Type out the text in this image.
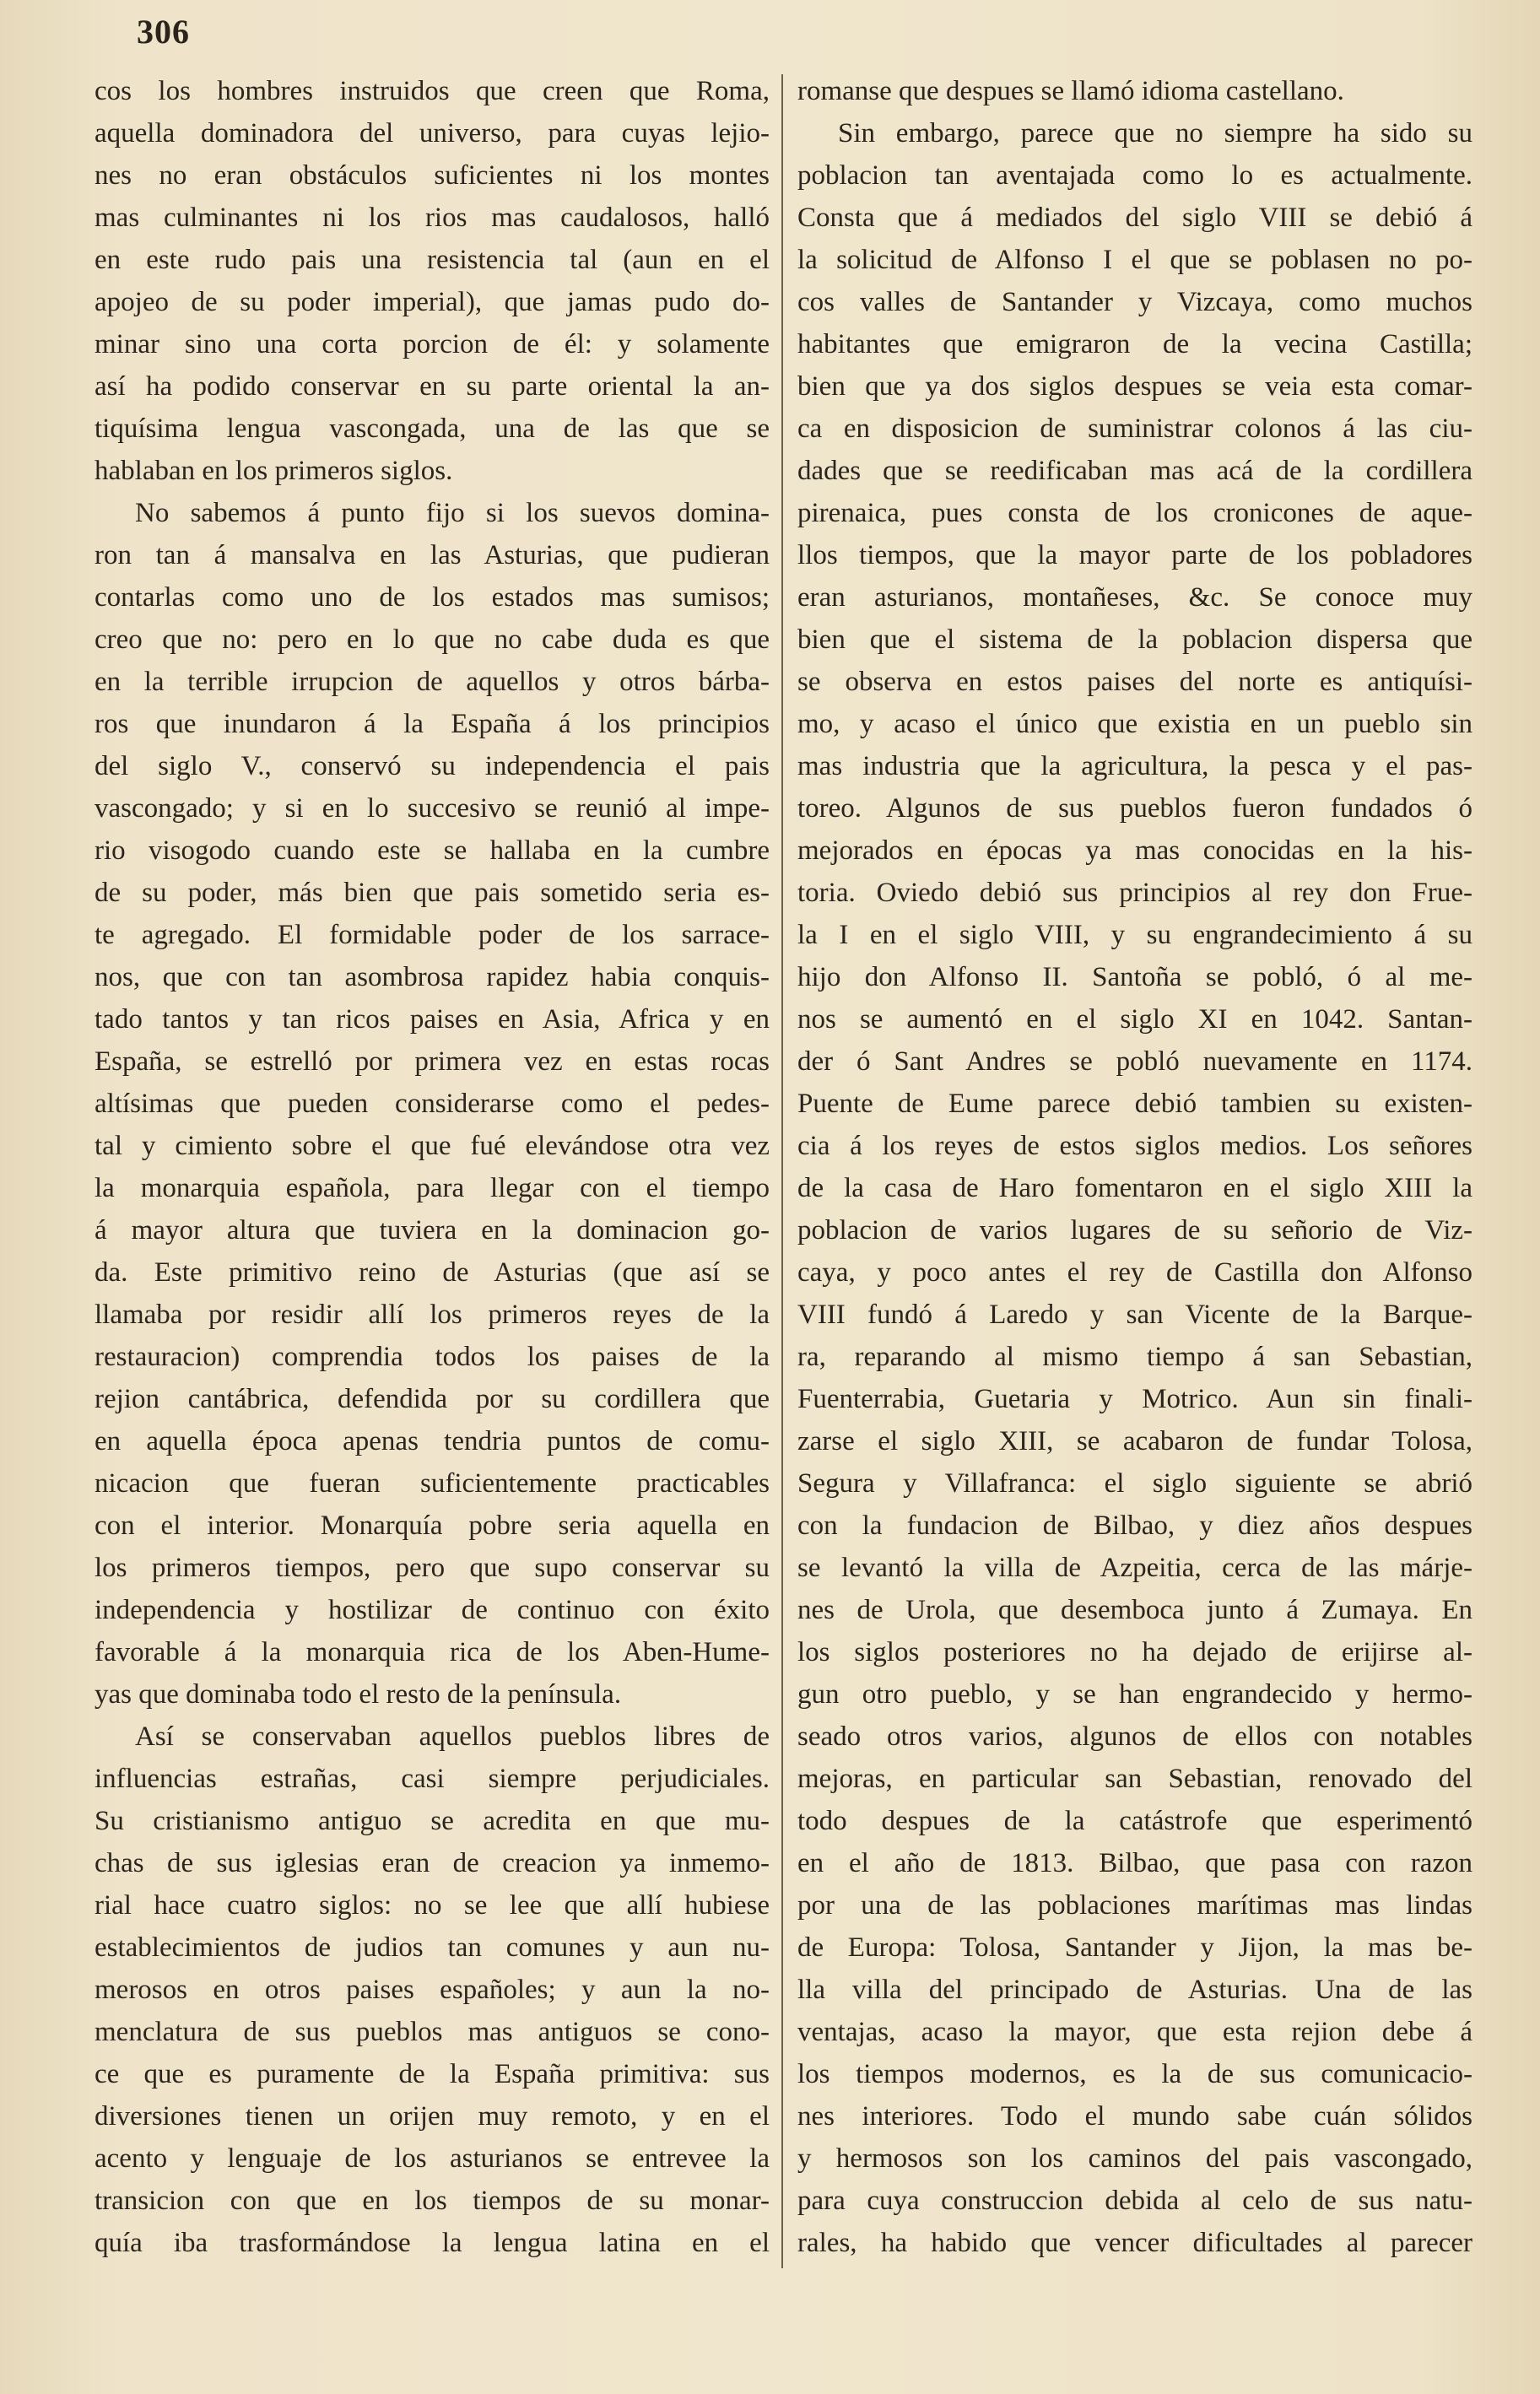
306
cos los hombres instruidos que creen que Roma,
aquella dominadora del universo, para cuyas lejio-
nes no eran obstáculos suficientes ni los montes
mas culminantes ni los rios mas caudalosos, halló
en este rudo pais una resistencia tal (aun en el
apojeo de su poder imperial), que jamas pudo do-
minar sino una corta porcion de él: y solamente
así ha podido conservar en su parte oriental la an-
tiquísima lengua vascongada, una de las que se
hablaban en los primeros siglos.
No sabemos á punto fijo si los suevos domina-
ron tan á mansalva en las Asturias, que pudieran
contarlas como uno de los estados mas sumisos;
creo que no: pero en lo que no cabe duda es que
en la terrible irrupcion de aquellos y otros bárba-
ros que inundaron á la España á los principios
del siglo V., conservó su independencia el pais
vascongado; y si en lo succesivo se reunió al impe-
rio visogodo cuando este se hallaba en la cumbre
de su poder, más bien que pais sometido seria es-
te agregado. El formidable poder de los sarrace-
nos, que con tan asombrosa rapidez habia conquis-
tado tantos y tan ricos paises en Asia, Africa y en
España, se estrelló por primera vez en estas rocas
altísimas que pueden considerarse como el pedes-
tal y cimiento sobre el que fué elevándose otra vez
la monarquia española, para llegar con el tiempo
á mayor altura que tuviera en la dominacion go-
da. Este primitivo reino de Asturias (que así se
llamaba por residir allí los primeros reyes de la
restauracion) comprendia todos los paises de la
rejion cantábrica, defendida por su cordillera que
en aquella época apenas tendria puntos de comu-
nicacion que fueran suficientemente practicables
con el interior. Monarquía pobre seria aquella en
los primeros tiempos, pero que supo conservar su
independencia y hostilizar de continuo con éxito
favorable á la monarquia rica de los Aben-Hume-
yas que dominaba todo el resto de la península.
Así se conservaban aquellos pueblos libres de
influencias estrañas, casi siempre perjudiciales.
Su cristianismo antiguo se acredita en que mu-
chas de sus iglesias eran de creacion ya inmemo-
rial hace cuatro siglos: no se lee que allí hubiese
establecimientos de judios tan comunes y aun nu-
merosos en otros paises españoles; y aun la no-
menclatura de sus pueblos mas antiguos se cono-
ce que es puramente de la España primitiva: sus
diversiones tienen un orijen muy remoto, y en el
acento y lenguaje de los asturianos se entrevee la
transicion con que en los tiempos de su monar-
quía iba trasformándose la lengua latina en el
romanse que despues se llamó idioma castellano.
Sin embargo, parece que no siempre ha sido su
poblacion tan aventajada como lo es actualmente.
Consta que á mediados del siglo VIII se debió á
la solicitud de Alfonso I el que se poblasen no po-
cos valles de Santander y Vizcaya, como muchos
habitantes que emigraron de la vecina Castilla;
bien que ya dos siglos despues se veia esta comar-
ca en disposicion de suministrar colonos á las ciu-
dades que se reedificaban mas acá de la cordillera
pirenaica, pues consta de los cronicones de aque-
llos tiempos, que la mayor parte de los pobladores
eran asturianos, montañeses, &c. Se conoce muy
bien que el sistema de la poblacion dispersa que
se observa en estos paises del norte es antiquísi-
mo, y acaso el único que existia en un pueblo sin
mas industria que la agricultura, la pesca y el pas-
toreo. Algunos de sus pueblos fueron fundados ó
mejorados en épocas ya mas conocidas en la his-
toria. Oviedo debió sus principios al rey don Frue-
la I en el siglo VIII, y su engrandecimiento á su
hijo don Alfonso II. Santoña se pobló, ó al me-
nos se aumentó en el siglo XI en 1042. Santan-
der ó Sant Andres se pobló nuevamente en 1174.
Puente de Eume parece debió tambien su existen-
cia á los reyes de estos siglos medios. Los señores
de la casa de Haro fomentaron en el siglo XIII la
poblacion de varios lugares de su señorio de Viz-
caya, y poco antes el rey de Castilla don Alfonso
VIII fundó á Laredo y san Vicente de la Barque-
ra, reparando al mismo tiempo á san Sebastian,
Fuenterrabia, Guetaria y Motrico. Aun sin finali-
zarse el siglo XIII, se acabaron de fundar Tolosa,
Segura y Villafranca: el siglo siguiente se abrió
con la fundacion de Bilbao, y diez años despues
se levantó la villa de Azpeitia, cerca de las márje-
nes de Urola, que desemboca junto á Zumaya. En
los siglos posteriores no ha dejado de erijirse al-
gun otro pueblo, y se han engrandecido y hermo-
seado otros varios, algunos de ellos con notables
mejoras, en particular san Sebastian, renovado del
todo despues de la catástrofe que esperimentó
en el año de 1813. Bilbao, que pasa con razon
por una de las poblaciones marítimas mas lindas
de Europa: Tolosa, Santander y Jijon, la mas be-
lla villa del principado de Asturias. Una de las
ventajas, acaso la mayor, que esta rejion debe á
los tiempos modernos, es la de sus comunicacio-
nes interiores. Todo el mundo sabe cuán sólidos
y hermosos son los caminos del pais vascongado,
para cuya construccion debida al celo de sus natu-
rales, ha habido que vencer dificultades al parecer
